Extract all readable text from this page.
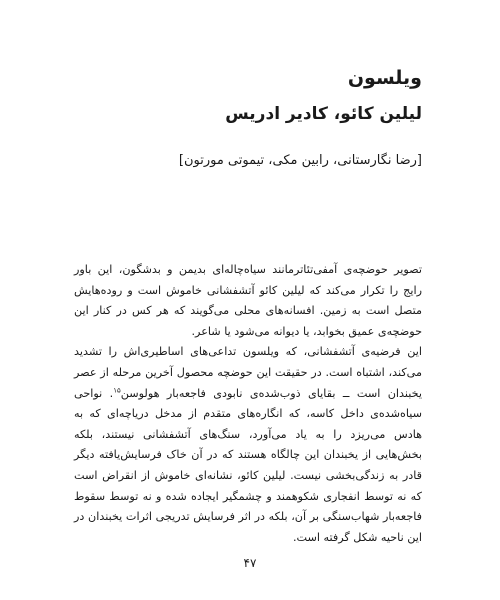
ویلسون
لیلین کائو، کادیر ادریس
[رضا نگارستانی، رابین مکی، تیموتی مورتون]

تصویر حوضچه‌ی آمفی‌تئاترمانند سیاه‌چاله‌ای بدیمن و بدشگون، این باور رایج را تکرار می‌کند که لیلین کائو آتشفشانی خاموش است و روده‌هایش متصل است به زمین. افسانه‌های محلی می‌گویند که هر کس در کنار این حوضچه‌ی عمیق بخوابد، یا دیوانه می‌شود یا شاعر.

این فرضیه‌ی آتشفشانی، که ویلسون تداعی‌های اساطیری‌اش را تشدید می‌کند، اشتباه است. در حقیقت این حوضچه محصول آخرین مرحله از عصر یخبندان است ــ بقایای ذوب‌شده‌ی نابودی فاجعه‌بار هولوسن$^{۱۵}$. نواحی سیاه‌شده‌ی داخل کاسه، که انگاره‌های متقدم از مدخل دریاچه‌ای که به هادس می‌ریزد را به یاد می‌آورد، سنگ‌های آتشفشانی نیستند، بلکه بخش‌هایی از یخبندان این چالگاه هستند که در آن خاک فرسایش‌یافته دیگر قادر به زندگی‌بخشی نیست. لیلین کائو، نشانه‌ای خاموش از انقراض است که نه توسط انفجاری شکوهمند و چشمگیر ایجاده شده و نه توسط سقوط فاجعه‌بار شهاب‌سنگی بر آن، بلکه در اثر فرسایش تدریجی اثرات یخبندان در این ناحیه شکل گرفته است.

۴۷
